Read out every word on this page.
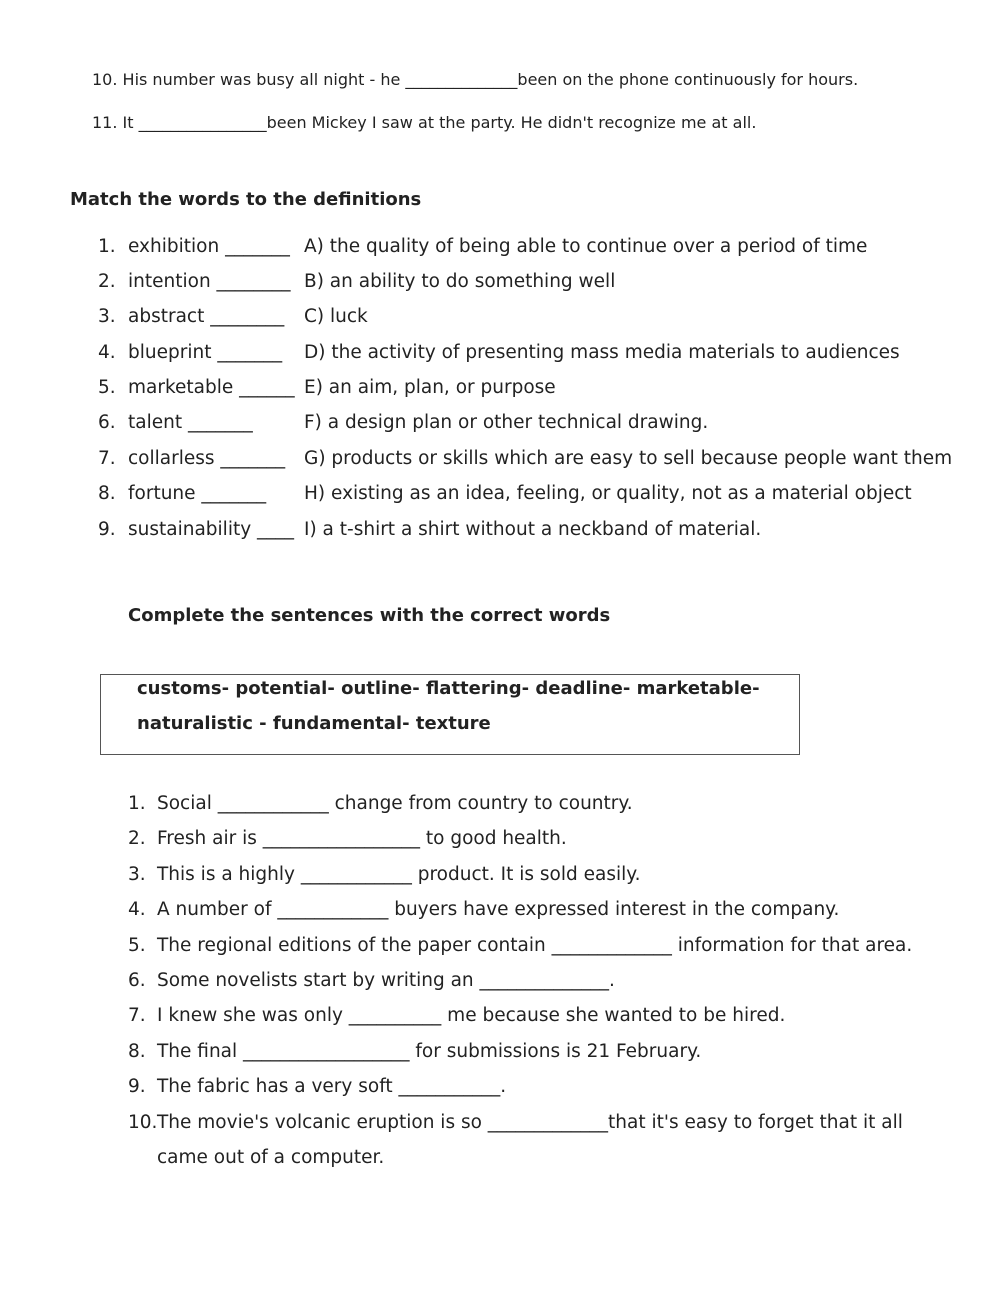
10. His number was busy all night - he ______________been on the phone continuously for hours.
11. It ________________been Mickey I saw at the party. He didn't recognize me at all.
Match the words to the definitions
1. exhibition _______ A) the quality of being able to continue over a period of time
2. intention ________ B) an ability to do something well
3. abstract ________ C) luck
4. blueprint _______ D) the activity of presenting mass media materials to audiences
5. marketable ______ E) an aim, plan, or purpose
6. talent _______	F) a design plan or other technical drawing.
7. collarless _______ G) products or skills which are easy to sell because people want them
8. fortune _______ H) existing as an idea, feeling, or quality, not as a material object
9. sustainability ____ I) a t-shirt a shirt without a neckband of material.
Complete the sentences with the correct words
customs- potential- outline- flattering- deadline- marketable-
naturalistic - fundamental- texture
1. Social ____________ change from country to country.
2. Fresh air is _________________ to good health.
3. This is a highly ____________ product. It is sold easily.
4. A number of ____________ buyers have expressed interest in the company.
5. The regional editions of the paper contain _____________ information for that area.
6. Some novelists start by writing an ______________.
7. I knew she was only __________ me because she wanted to be hired.
8. The final __________________ for submissions is 21 February.
9. The fabric has a very soft ___________.
10. The movie's volcanic eruption is so _____________that it's easy to forget that it all
came out of a computer.
